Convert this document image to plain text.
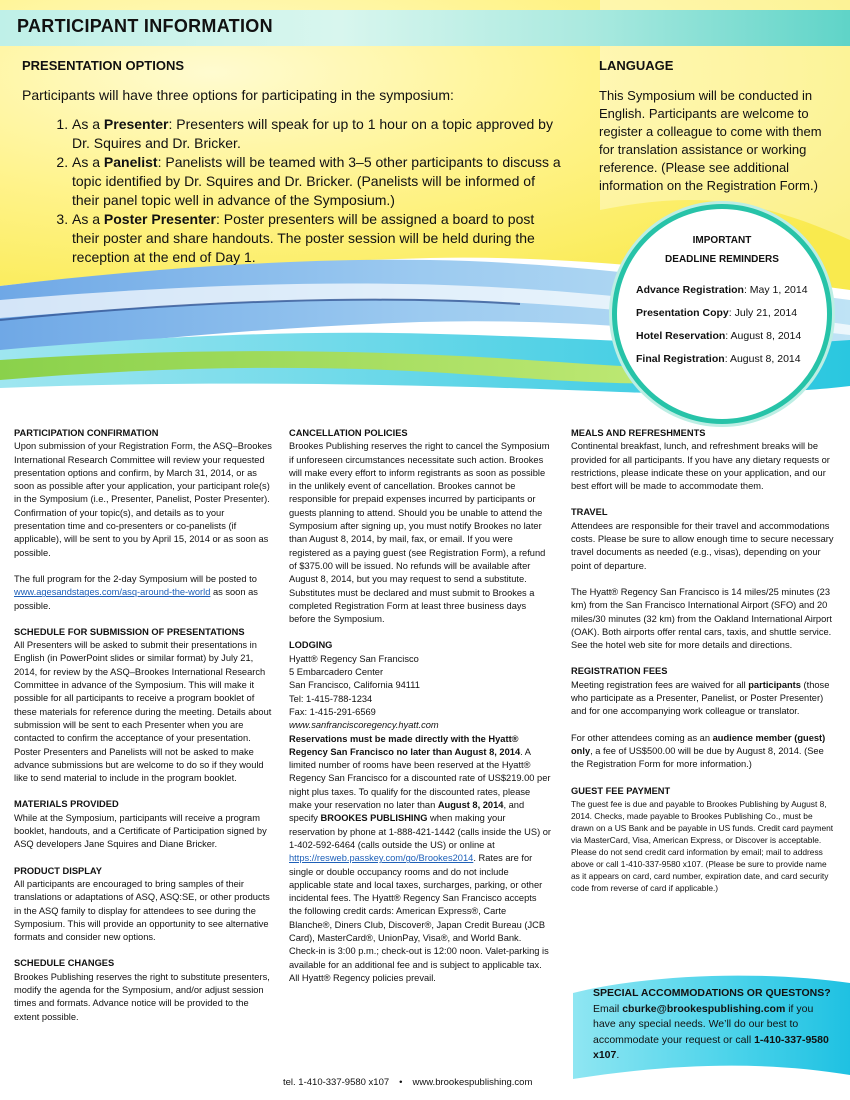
PARTICIPANT INFORMATION
PRESENTATION OPTIONS

Participants will have three options for participating in the symposium:

1. As a Presenter: Presenters will speak for up to 1 hour on a topic approved by Dr. Squires and Dr. Bricker.
2. As a Panelist: Panelists will be teamed with 3–5 other participants to discuss a topic identified by Dr. Squires and Dr. Bricker. (Panelists will be informed of their panel topic well in advance of the Symposium.)
3. As a Poster Presenter: Poster presenters will be assigned a board to post their poster and share handouts. The poster session will be held during the reception at the end of Day 1.
LANGUAGE

This Symposium will be conducted in English. Participants are welcome to register a colleague to come with them for translation assistance or working reference. (Please see additional information on the Registration Form.)

IMPORTANT
DEADLINE REMINDERS
Advance Registration: May 1, 2014
Presentation Copy: July 21, 2014
Hotel Reservation: August 8, 2014
Final Registration: August 8, 2014
PARTICIPATION CONFIRMATION

Upon submission of your Registration Form, the ASQ–Brookes International Research Committee will review your requested presentation options and confirm, by March 31, 2014, or as soon as possible after your application, your participant role(s) in the Symposium (i.e., Presenter, Panelist, Poster Presenter). Confirmation of your topic(s), and details as to your presentation time and co-presenters or co-panelists (if applicable), will be sent to you by April 15, 2014 or as soon as possible.

The full program for the 2-day Symposium will be posted to www.agesandstages.com/asq-around-the-world as soon as possible.

SCHEDULE FOR SUBMISSION OF PRESENTATIONS

All Presenters will be asked to submit their presentations in English (in PowerPoint slides or similar format) by July 21, 2014, for review by the ASQ–Brookes International Research Committee in advance of the Symposium. This will make it possible for all participants to receive a program booklet of these materials for reference during the meeting. Details about submission will be sent to each Presenter when you are contacted to confirm the acceptance of your presentation. Poster Presenters and Panelists will not be asked to make advance submissions but are welcome to do so if they would like to send material to include in the program booklet.

MATERIALS PROVIDED

While at the Symposium, participants will receive a program booklet, handouts, and a Certificate of Participation signed by ASQ developers Jane Squires and Diane Bricker.

PRODUCT DISPLAY

All participants are encouraged to bring samples of their translations or adaptations of ASQ, ASQ:SE, or other products in the ASQ family to display for attendees to see during the Symposium. This will provide an opportunity to see alternative formats and consider new options.

SCHEDULE CHANGES

Brookes Publishing reserves the right to substitute presenters, modify the agenda for the Symposium, and/or adjust session times and formats. Advance notice will be provided to the extent possible.

CANCELLATION POLICIES

Brookes Publishing reserves the right to cancel the Symposium if unforeseen circumstances necessitate such action. Brookes will make every effort to inform registrants as soon as possible in the unlikely event of cancellation. Brookes cannot be responsible for prepaid expenses incurred by participants or guests planning to attend. Should you be unable to attend the Symposium after signing up, you must notify Brookes no later than August 8, 2014, by mail, fax, or email. If you were registered as a paying guest (see Registration Form), a refund of $375.00 will be issued. No refunds will be available after August 8, 2014, but you may request to send a substitute. Substitutes must be declared and must submit to Brookes a completed Registration Form at least three business days before the Symposium.

LODGING
Hyatt® Regency San Francisco
5 Embarcadero Center
San Francisco, California 94111
Tel: 1-415-788-1234
Fax: 1-415-291-6569
www.sanfranciscoregency.hyatt.com

Reservations must be made directly with the Hyatt® Regency San Francisco no later than August 8, 2014. A limited number of rooms have been reserved at the Hyatt® Regency San Francisco for a discounted rate of US$219.00 per night plus taxes. To qualify for the discounted rates, please make your reservation no later than August 8, 2014, and specify BROOKES PUBLISHING when making your reservation by phone at 1-888-421-1442 (calls inside the US) or 1-402-592-6464 (calls outside the US) or online at https://resweb.passkey.com/go/Brookes2014. Rates are for single or double occupancy rooms and do not include applicable state and local taxes, surcharges, parking, or other incidental fees. The Hyatt® Regency San Francisco accepts the following credit cards: American Express®, Carte Blanche®, Diners Club, Discover®, Japan Credit Bureau (JCB Card), MasterCard®, UnionPay, Visa®, and World Bank. Check-in is 3:00 p.m.; check-out is 12:00 noon. Valet-parking is available for an additional fee and is subject to applicable tax. All Hyatt® Regency policies prevail.

MEALS AND REFRESHMENTS

Continental breakfast, lunch, and refreshment breaks will be provided for all participants. If you have any dietary requests or restrictions, please indicate these on your application, and our best effort will be made to accommodate them.

TRAVEL

Attendees are responsible for their travel and accommodations costs. Please be sure to allow enough time to secure necessary travel documents as needed (e.g., visas), depending on your point of departure.

The Hyatt® Regency San Francisco is 14 miles/25 minutes (23 km) from the San Francisco International Airport (SFO) and 20 miles/30 minutes (32 km) from the Oakland International Airport (OAK). Both airports offer rental cars, taxis, and shuttle service. See the hotel web site for more details and directions.

REGISTRATION FEES

Meeting registration fees are waived for all participants (those who participate as a Presenter, Panelist, or Poster Presenter) and for one accompanying work colleague or translator.

For other attendees coming as an audience member (guest) only, a fee of US$500.00 will be due by August 8, 2014. (See the Registration Form for more information.)

GUEST FEE PAYMENT

The guest fee is due and payable to Brookes Publishing by August 8, 2014. Checks, made payable to Brookes Publishing Co., must be drawn on a US Bank and be payable in US funds. Credit card payment via MasterCard, Visa, American Express, or Discover is acceptable. Please do not send credit card information by email; mail to address above or call 1-410-337-9580 x107. (Please be sure to provide name as it appears on card, card number, expiration date, and card security code from reverse of card if applicable.)

SPECIAL ACCOMMODATIONS OR QUESTONS?
Email cburke@brookespublishing.com if you have any special needs. We’ll do our best to accommodate your request or call 1-410-337-9580 x107.
tel. 1-410-337-9580 x107 • www.brookespublishing.com
